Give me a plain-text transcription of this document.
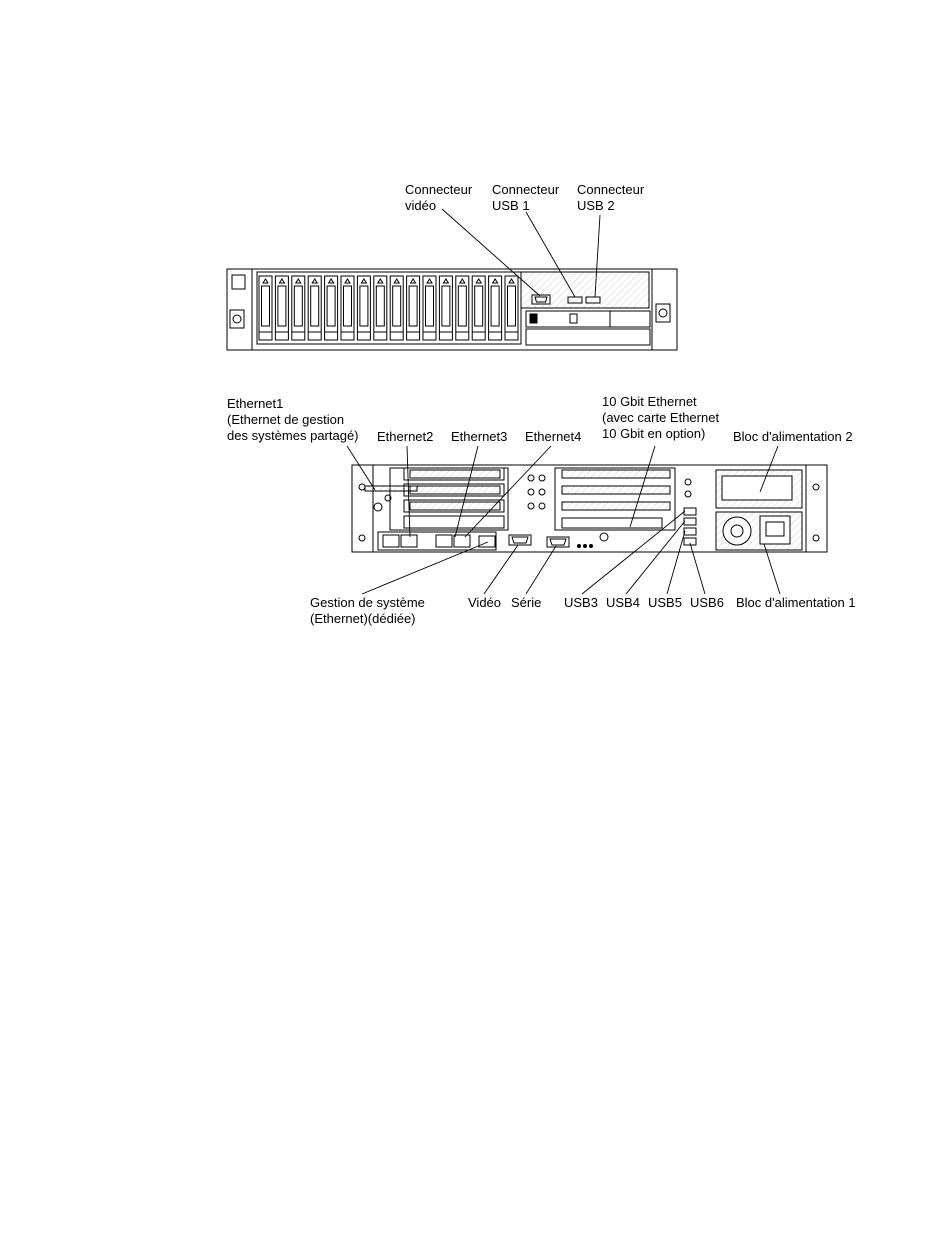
Connecteur
vidéo
Connecteur
USB 1
Connecteur
USB 2
Ethernet1
(Ethernet de gestion
des systèmes partagé) Ethernet2 Ethernet3 Ethernet4
10 Gbit Ethernet
(avec carte Ethernet
10 Gbit en option)	Bloc d'alimentation 2
Gestion de système
(Ethernet)(dédiée)
Vidéo Série USB3 USB4 USB5 USB6 Bloc d'alimentation 1
